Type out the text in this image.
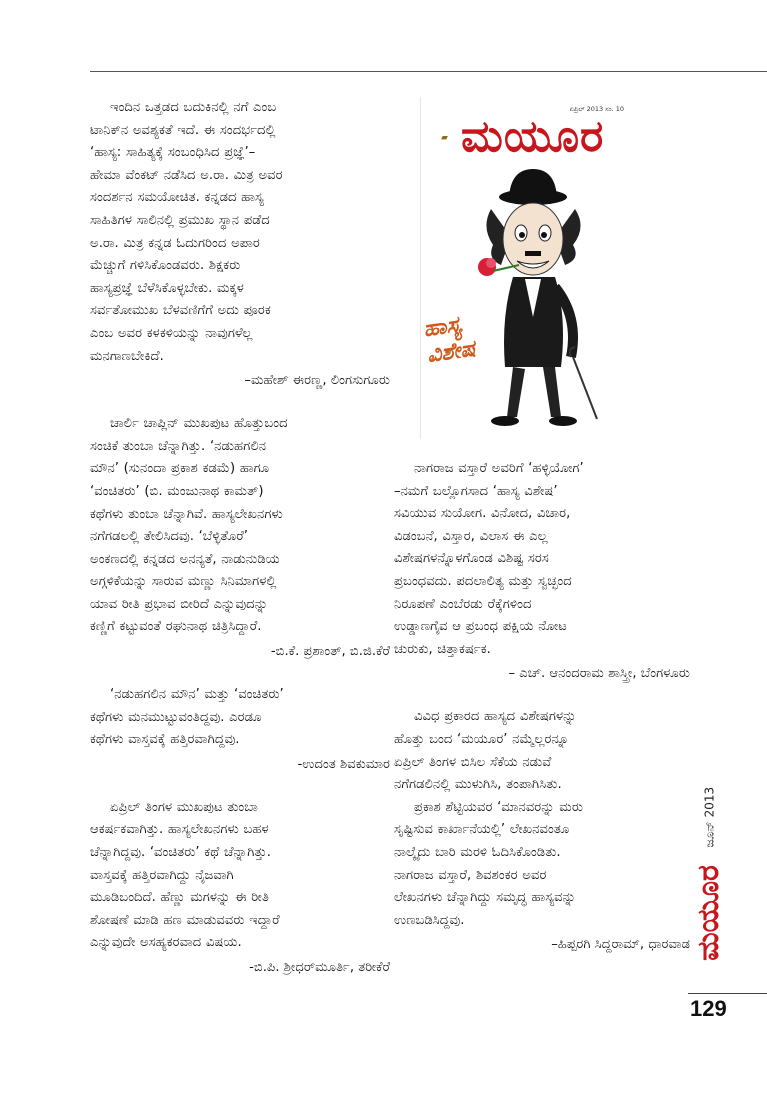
ಇಂದಿನ ಒತ್ತಡದ ಬದುಕಿನಲ್ಲಿ ನಗೆ ಎಂಬ

ಟಾನಿಕ್‌ನ ಅವಶ್ಯಕತೆ ಇದೆ. ಈ ಸಂದರ್ಭದಲ್ಲಿ

‘ಹಾಸ್ಯ: ಸಾಹಿತ್ಯಕ್ಕೆ ಸಂಬಂಧಿಸಿದ ಪ್ರಜ್ಞೆ’–

ಹೇಮಾ ವೆಂಕಟ್ ನಡೆಸಿದ ಅ.ರಾ. ಮಿತ್ರ ಅವರ

ಸಂದರ್ಶನ ಸಮಯೋಚಿತ. ಕನ್ನಡದ ಹಾಸ್ಯ

ಸಾಹಿತಿಗಳ ಸಾಲಿನಲ್ಲಿ ಪ್ರಮುಖ ಸ್ಥಾನ ಪಡೆದ

ಅ.ರಾ. ಮಿತ್ರ ಕನ್ನಡ ಓದುಗರಿಂದ ಅಪಾರ

ಮೆಚ್ಚುಗೆ ಗಳಿಸಿಕೊಂಡವರು. ಶಿಕ್ಷಕರು

ಹಾಸ್ಯಪ್ರಜ್ಞೆ ಬೆಳೆಸಿಕೊಳ್ಳಬೇಕು. ಮಕ್ಕಳ

ಸರ್ವತೋಮುಖ ಬೆಳವಣಿಗೆಗೆ ಅದು ಪೂರಕ

ಎಂಬ ಅವರ ಕಳಕಳಿಯನ್ನು ನಾವುಗಳೆಲ್ಲ

ಮನಗಾಣಬೇಕಿದೆ.

–ಮಹೇಶ್ ಈರಣ್ಣ, ಲಿಂಗಸುಗೂರು

ಚಾರ್ಲಿ ಚಾಪ್ಲಿನ್ ಮುಖಪುಟ ಹೊತ್ತುಬಂದ

ಸಂಚಿಕೆ ತುಂಬಾ ಚೆನ್ನಾಗಿತ್ತು. ‘ನಡುಹಗಲಿನ

ಮೌನ’ (ಸುನಂದಾ ಪ್ರಕಾಶ ಕಡಮೆ) ಹಾಗೂ

‘ವಂಚಿತರು’ (ಬಿ. ಮಂಜುನಾಥ ಕಾಮತ್)

ಕಥೆಗಳು ತುಂಬಾ ಚೆನ್ನಾಗಿವೆ. ಹಾಸ್ಯಲೇಖನಗಳು

ನಗೆಗಡಲಲ್ಲಿ ತೇಲಿಸಿದವು. ‘ಬೆಳ್ಳಿತೊರೆ’

ಅಂಕಣದಲ್ಲಿ ಕನ್ನಡದ ಅನನ್ಯತೆ, ನಾಡುನುಡಿಯ

ಅಗ್ಗಳಿಕೆಯನ್ನು ಸಾರುವ ಮಣ್ಣು ಸಿನಿಮಾಗಳಲ್ಲಿ

ಯಾವ ರೀತಿ ಪ್ರಭಾವ ಬೀರಿದೆ ಎನ್ನುವುದನ್ನು

ಕಣ್ಣಿಗೆ ಕಟ್ಟುವಂತೆ ರಘುನಾಥ ಚಿತ್ರಿಸಿದ್ದಾರೆ.

-ಬಿ.ಕೆ. ಪ್ರಶಾಂತ್, ಬಿ.ಜಿ.ಕೆರೆ

‘ನಡುಹಗಲಿನ ಮೌನ’ ಮತ್ತು ‘ವಂಚಿತರು’

ಕಥೆಗಳು ಮನಮುಟ್ಟುವಂತಿದ್ದವು. ಎರಡೂ

ಕಥೆಗಳು ವಾಸ್ತವಕ್ಕೆ ಹತ್ತಿರವಾಗಿದ್ದವು.

-ಉದಂತ ಶಿವಕುಮಾರ

ಏಪ್ರಿಲ್ ತಿಂಗಳ ಮುಖಪುಟ ತುಂಬಾ

ಆಕರ್ಷಕವಾಗಿತ್ತು. ಹಾಸ್ಯಲೇಖನಗಳು ಬಹಳ

ಚೆನ್ನಾಗಿದ್ದವು. ‘ವಂಚಿತರು’ ಕಥೆ ಚೆನ್ನಾಗಿತ್ತು.

ವಾಸ್ತವಕ್ಕೆ ಹತ್ತಿರವಾಗಿದ್ದು ನೈಜವಾಗಿ

ಮೂಡಿಬಂದಿದೆ. ಹೆಣ್ಣು ಮಗಳನ್ನು ಈ ರೀತಿ

ಶೋಷಣೆ ಮಾಡಿ ಹಣ ಮಾಡುವವರು ಇದ್ದಾರೆ

ಎನ್ನುವುದೇ ಅಸಹ್ಯಕರವಾದ ವಿಷಯ.

-ಬಿ.ಪಿ. ಶ್ರೀಧರ್‌ಮೂರ್ತಿ, ತರೀಕೆರೆ
ಏಪ್ರಿಲ್ 2013 ಸಂ. 10
▰ ಮಯೂರ
ಹಾಸ್ಯ ವಿಶೇಷ

ನಾಗರಾಜ ವಸ್ತಾರೆ ಅವರಿಗೆ ‘ಹಳ್ಳಿಯೋಗ’

–ನಮಗೆ ಬಲ್ಲೊಗಸಾದ ‘ಹಾಸ್ಯ ವಿಶೇಷ’

ಸವಿಯುವ ಸುಯೋಗ. ವಿನೋದ, ವಿಚಾರ,

ವಿಡಂಬನೆ, ವಿಸ್ತಾರ, ವಿಲಾಸ ಈ ಎಲ್ಲ

ವಿಶೇಷಗಳನ್ನೊಳಗೊಂಡ ವಿಶಿಷ್ಟ ಸರಸ

ಪ್ರಬಂಧವದು. ಪದಲಾಲಿತ್ಯ ಮತ್ತು ಸ್ವಚ್ಛಂದ

ನಿರೂಪಣೆ ಎಂಬೆರಡು ರೆಕ್ಕೆಗಳಿಂದ

ಉಡ್ಡಾಣಗೈವ ಆ ಪ್ರಬಂಧ ಪಕ್ಷಿಯ ನೋಟ

ಚುರುಕು, ಚಿತ್ತಾಕರ್ಷಕ.

– ಎಚ್. ಆನಂದರಾಮ ಶಾಸ್ತ್ರೀ, ಬೆಂಗಳೂರು

ವಿವಿಧ ಪ್ರಕಾರದ ಹಾಸ್ಯದ ವಿಶೇಷಗಳನ್ನು

ಹೊತ್ತು ಬಂದ ‘ಮಯೂರ’ ನಮ್ಮೆಲ್ಲರನ್ನೂ

ಏಪ್ರಿಲ್ ತಿಂಗಳ ಬಿಸಿಲ ಸೆಕೆಯ ನಡುವೆ

ನಗೆಗಡಲಿನಲ್ಲಿ ಮುಳುಗಿಸಿ, ತಂಪಾಗಿಸಿತು.

ಪ್ರಕಾಶ ಶೆಟ್ಟಿಯವರ ‘ಮಾನವರನ್ನು ಮರು

ಸೃಷ್ಟಿಸುವ ಕಾರ್ಖಾನೆಯಲ್ಲಿ’ ಲೇಖನವಂತೂ

ನಾಲ್ಕೈದು ಬಾರಿ ಮರಳಿ ಓದಿಸಿಕೊಂಡಿತು.

ನಾಗರಾಜ ವಸ್ತಾರೆ, ಶಿವಶಂಕರ ಅವರ

ಲೇಖನಗಳು ಚೆನ್ನಾಗಿದ್ದು ಸಮೃದ್ಧ ಹಾಸ್ಯವನ್ನು

ಉಣಬಡಿಸಿದ್ದವು.

–ಹಿಪ್ಪರಗಿ ಸಿದ್ದರಾಮ್, ಧಾರವಾಡ
ಜೂನ್ 2013
ಮಯೂರ
129
